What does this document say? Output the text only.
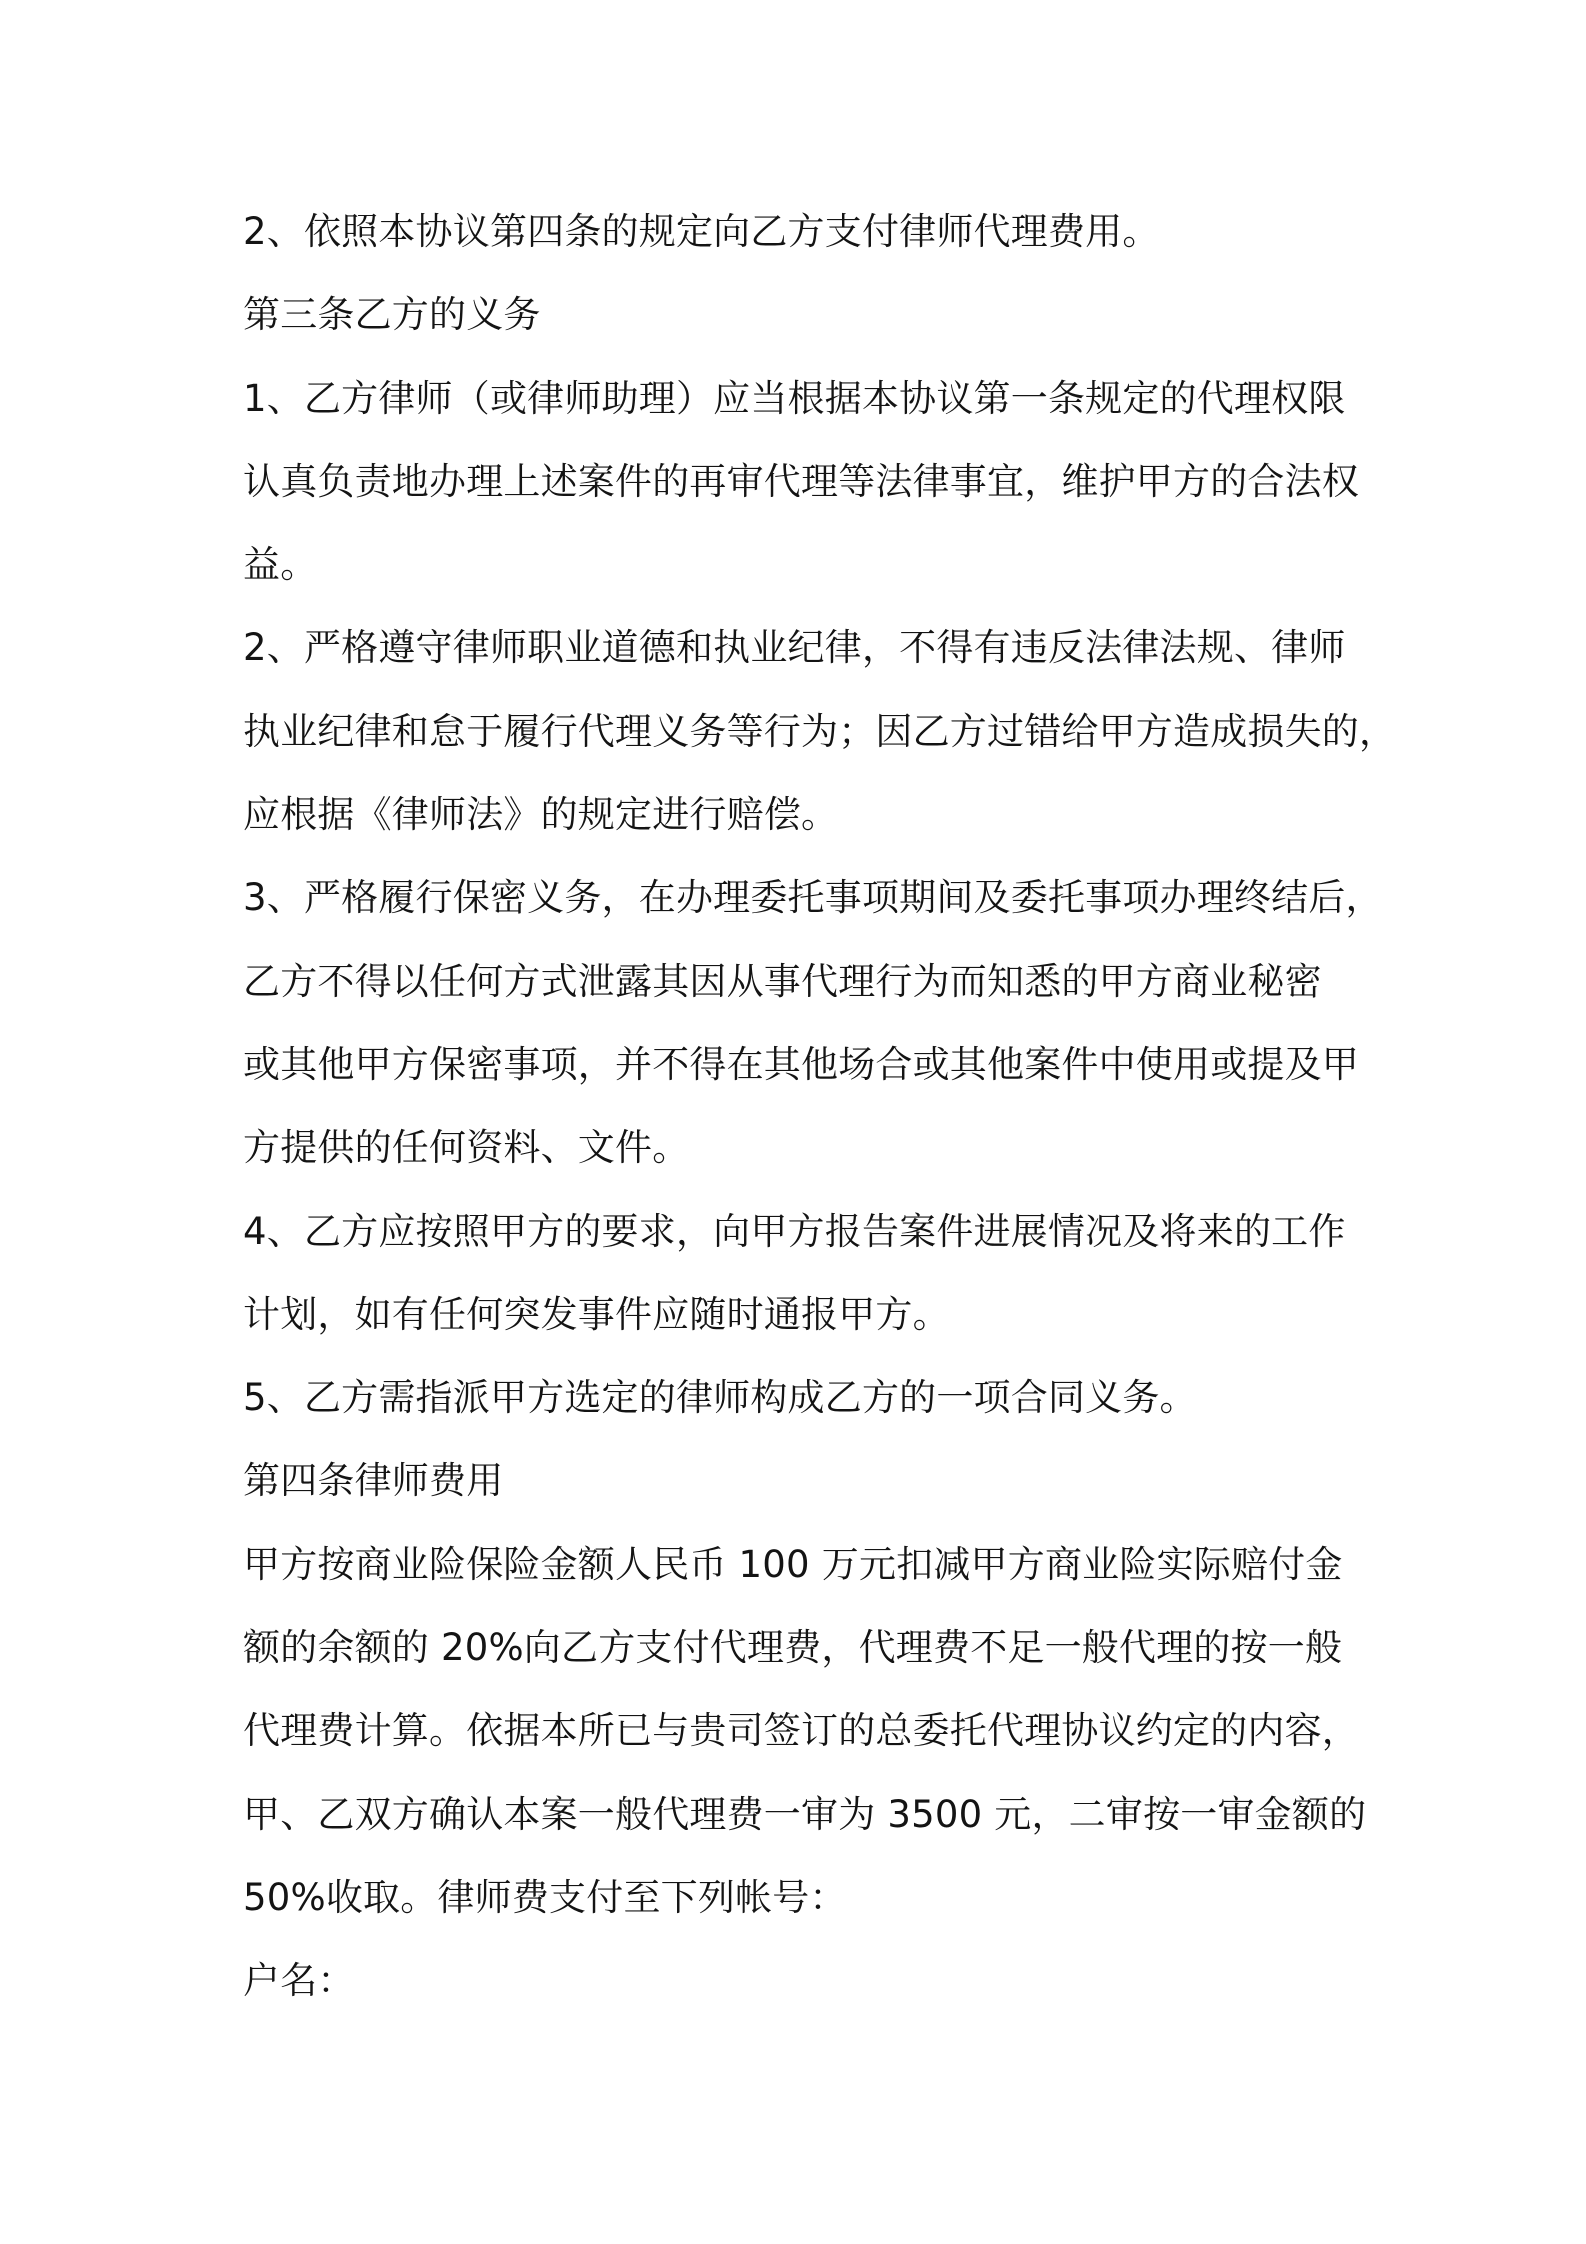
2、依照本协议第四条的规定向乙方支付律师代理费用。
第三条乙方的义务
1、乙方律师（或律师助理）应当根据本协议第一条规定的代理权限
认真负责地办理上述案件的再审代理等法律事宜，维护甲方的合法权
益。
2、严格遵守律师职业道德和执业纪律，不得有违反法律法规、律师
执业纪律和怠于履行代理义务等行为；因乙方过错给甲方造成损失的，
应根据《律师法》的规定进行赔偿。
3、严格履行保密义务，在办理委托事项期间及委托事项办理终结后，
乙方不得以任何方式泄露其因从事代理行为而知悉的甲方商业秘密
或其他甲方保密事项，并不得在其他场合或其他案件中使用或提及甲
方提供的任何资料、文件。
4、乙方应按照甲方的要求，向甲方报告案件进展情况及将来的工作
计划，如有任何突发事件应随时通报甲方。
5、乙方需指派甲方选定的律师构成乙方的一项合同义务。
第四条律师费用
甲方按商业险保险金额人民币 100 万元扣减甲方商业险实际赔付金
额的余额的 20%向乙方支付代理费，代理费不足一般代理的按一般
代理费计算。依据本所已与贵司签订的总委托代理协议约定的内容，
甲、乙双方确认本案一般代理费一审为 3500 元，二审按一审金额的
50%收取。律师费支付至下列帐号：
户名：
